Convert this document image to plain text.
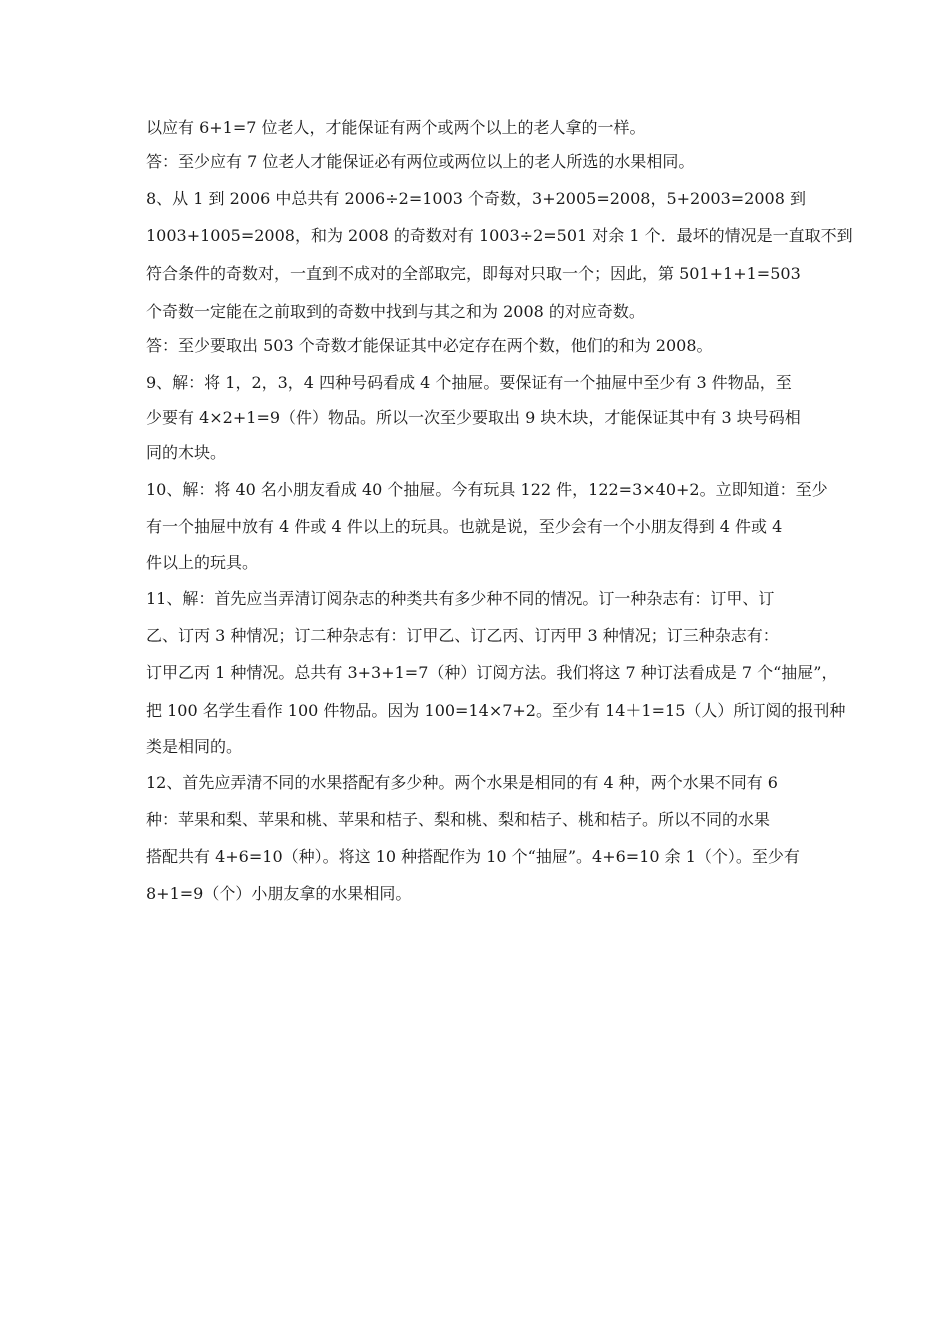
以应有 6+1=7 位老人，才能保证有两个或两个以上的老人拿的一样。
答：至少应有 7 位老人才能保证必有两位或两位以上的老人所选的水果相同。
8、从 1 到 2006 中总共有 2006÷2=1003 个奇数，3+2005=2008，5+2003=2008 到
1003+1005=2008，和为 2008 的奇数对有 1003÷2=501 对余 1 个．最坏的情况是一直取不到
符合条件的奇数对，一直到不成对的全部取完，即每对只取一个；因此，第 501+1+1=503
个奇数一定能在之前取到的奇数中找到与其之和为 2008 的对应奇数。
答：至少要取出 503 个奇数才能保证其中必定存在两个数，他们的和为 2008。
9、解：将 1，2，3，4 四种号码看成 4 个抽屉。要保证有一个抽屉中至少有 3 件物品，至
少要有 4×2+1=9（件）物品。所以一次至少要取出 9 块木块，才能保证其中有 3 块号码相
同的木块。
10、解：将 40 名小朋友看成 40 个抽屉。今有玩具 122 件，122=3×40+2。立即知道：至少
有一个抽屉中放有 4 件或 4 件以上的玩具。也就是说，至少会有一个小朋友得到 4 件或 4
件以上的玩具。
11、解：首先应当弄清订阅杂志的种类共有多少种不同的情况。订一种杂志有：订甲、订
乙、订丙 3 种情况；订二种杂志有：订甲乙、订乙丙、订丙甲 3 种情况；订三种杂志有：
订甲乙丙 1 种情况。总共有 3+3+1=7（种）订阅方法。我们将这 7 种订法看成是 7 个“抽屉”，
把 100 名学生看作 100 件物品。因为 100=14×7+2。至少有 14＋1=15（人）所订阅的报刊种
类是相同的。
12、首先应弄清不同的水果搭配有多少种。两个水果是相同的有 4 种，两个水果不同有 6
种：苹果和梨、苹果和桃、苹果和桔子、梨和桃、梨和桔子、桃和桔子。所以不同的水果
搭配共有 4+6=10（种）。将这 10 种搭配作为 10 个“抽屉”。4+6=10 余 1（个）。至少有
8+1=9（个）小朋友拿的水果相同。
